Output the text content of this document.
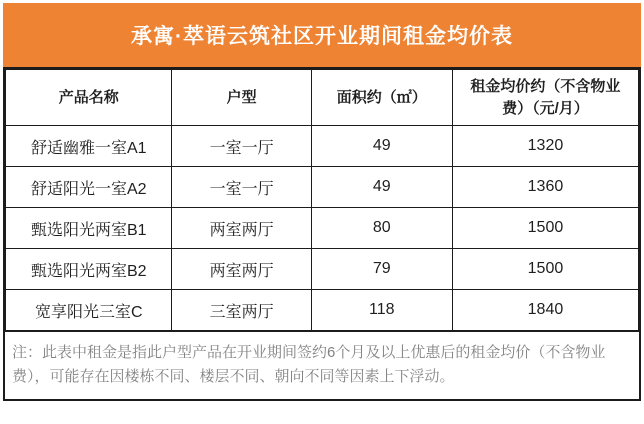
承寓·萃语云筑社区开业期间租金均价表
产品名称	户型	面积约（㎡）	租金均价约（不含物业费）（元/月）
舒适幽雅一室A1	一室一厅	49	1320
舒适阳光一室A2	一室一厅	49	1360
甄选阳光两室B1	两室两厅	80	1500
甄选阳光两室B2	两室两厅	79	1500
宽享阳光三室C	三室两厅	118	1840
注：此表中租金是指此户型产品在开业期间签约6个月及以上优惠后的租金均价（不含物业费），可能存在因楼栋不同、楼层不同、朝向不同等因素上下浮动。
